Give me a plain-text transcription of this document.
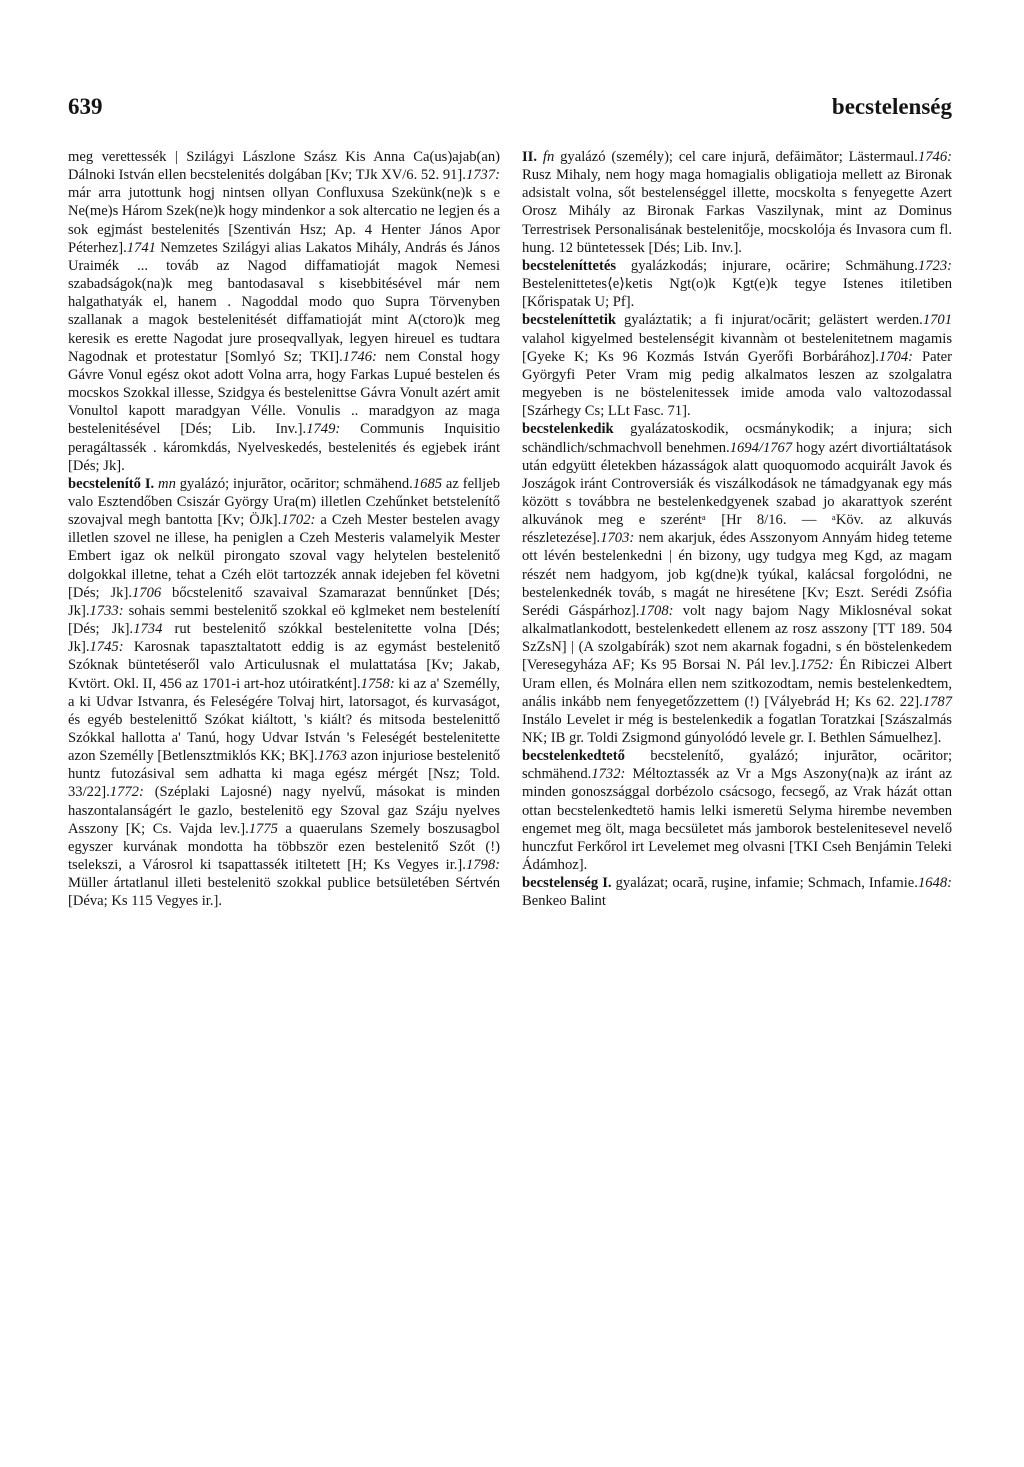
639	becstelenség

meg verettessék | Szilágyi Lászlone Szász Kis Anna Ca(us)ajab(an) Dálnoki István ellen becstelenités dolgában [Kv; TJk XV/6. 52. 91].1737: már arra jutottunk hogj nintsen ollyan Confluxusa Szekünk(ne)k s e Ne(me)s Három Szek(ne)k hogy mindenkor a sok altercatio ne legjen és a sok egjmást bestelenités [Szentiván Hsz; Ap. 4 Henter János Apor Péterhez].1741 Nemzetes Szilágyi alias Lakatos Mihály, András és János Uraimék ... továb az Nagod diffamatioját magok Nemesi szabadságok(na)k meg bantodasaval s kisebbitésével már nem halgathatyák el, hanem . Nagoddal modo quo Supra Törvenyben szallanak a magok bestelenitését diffamatioját mint A(ctoro)k meg keresik es erette Nagodat jure proseqvallyak, legyen hireuel es tudtara Nagodnak et protestatur [Somlyó Sz; TKI].1746: nem Constal hogy Gávre Vonul egész okot adott Volna arra, hogy Farkas Lupué bestelen és mocskos Szokkal illesse, Szidgya és bestelenittse Gávra Vonult azért amit Vonultol kapott maradgyan Vélle. Vonulis .. maradgyon az maga bestelenitésével [Dés; Lib. Inv.].1749: Communis Inquisitio peragáltassék . káromkdás, Nyelveskedés, bestelenités és egjebek iránt [Dés; Jk].

becstelenítő I. mn gyalázó; injurător, ocăritor; schmähend.1685 az felljeb valo Esztendőben Csiszár György Ura(m) illetlen Czehűnket betstelenítő szovajval megh bantotta [Kv; ÖJk].1702: a Czeh Mester bestelen avagy illetlen szovel ne illese, ha peniglen a Czeh Mesteris valamelyik Mester Embert igaz ok nelkül pirongato szoval vagy helytelen bestelenitő dolgokkal illetne, tehat a Czéh elöt tartozzék annak idejeben fel követni [Dés; Jk].1706 bőcstelenitő szavaival Szamarazat bennűnket [Dés; Jk].1733: sohais semmi bestelenitő szokkal eö kglmeket nem bestelenítí [Dés; Jk].1734 rut bestelenitő szókkal bestelenitette volna [Dés; Jk].1745: Karosnak tapasztaltatott eddig is az egymást bestelenitő Szóknak büntetéseről valo Articulusnak el mulattatása [Kv; Jakab, Kvtört. Okl. II, 456 az 1701-i art-hoz utóiratként].1758: ki az a' Személly, a ki Udvar Istvanra, és Feleségére Tolvaj hirt, latorsagot, és kurvaságot, és egyéb bestelenittő Szókat kiáltott, 's kiált? és mitsoda bestelenittő Szókkal hallotta a' Tanú, hogy Udvar István 's Feleségét bestelenitette azon Személly [Betlensztmiklós KK; BK].1763 azon injuriose bestelenitő huntz futozásival sem adhatta ki maga egész mérgét [Nsz; Told. 33/22].1772: (Széplaki Lajosné) nagy nyelvű, másokat is minden haszontalanságért le gazlo, bestelenitö egy Szoval gaz Száju nyelves Asszony [K; Cs. Vajda lev.].1775 a quaerulans Szemely boszusagbol egyszer kurvának mondotta ha többször ezen bestelenitő Szőt (!) tselekszi, a Városrol ki tsapattassék itiltetett [H; Ks Vegyes ir.].1798: Müller ártatlanul illeti bestelenitö szokkal publice betsületében Sértvén [Déva; Ks 115 Vegyes ir.].

II. fn gyalázó (személy); cel care injură, defăimător; Lästermaul.1746: Rusz Mihaly, nem hogy maga homagialis obligatioja mellett az Bironak adsistalt volna, sőt bestelenséggel illette, mocskolta s fenyegette Azert Orosz Mihály az Bironak Farkas Vaszilynak, mint az Dominus Terrestrisek Personalisának bestelenitője, mocskolója és Invasora cum fl. hung. 12 büntetessek [Dés; Lib. Inv.].

becsteleníttetés gyalázkodás; injurare, ocărire; Schmähung.1723: Bestelenittetes⟨e⟩ketis Ngt(o)k Kgt(e)k tegye Istenes itiletiben [Kőrispatak U; Pf].

becsteleníttetik gyaláztatik; a fi injurat/ocărit; gelästert werden.1701 valahol kigyelmed bestelenségit kivannàm ot bestelenitetnem magamis [Gyeke K; Ks 96 Kozmás István Gyerőfi Borbárához].1704: Pater Györgyfi Peter Vram mig pedig alkalmatos leszen az szolgalatra megyeben is ne böstelenitessek imide amoda valo valtozodassal [Szárhegy Cs; LLt Fasc. 71].

becstelenkedik gyalázatoskodik, ocsmánykodik; a injura; sich schändlich/schmachvoll benehmen.1694/1767 hogy azért divortiáltatások után edgyütt életekben házasságok alatt quoquomodo acquirált Javok és Joszágok iránt Controversiák és viszálkodások ne támadgyanak egy más között s továbbra ne bestelenkedgyenek szabad jo akarattyok szerént alkuvánok meg e szeréntᵃ [Hr 8/16. — ᵃKöv. az alkuvás részletezése].1703: nem akarjuk, édes Asszonyom Annyám hideg teteme ott lévén bestelenkedni | én bizony, ugy tudgya meg Kgd, az magam részét nem hadgyom, job kg(dne)k tyúkal, kalácsal forgolódni, ne bestelenkednék továb, s magát ne hiresétene [Kv; Eszt. Serédi Zsófia Serédi Gáspárhoz].1708: volt nagy bajom Nagy Miklosnéval sokat alkalmatlankodott, bestelenkedett ellenem az rosz asszony [TT 189. 504 SzZsN] | (A szolgabírák) szot nem akarnak fogadni, s én böstelenkedem [Veresegyháza AF; Ks 95 Borsai N. Pál lev.].1752: Én Ribiczei Albert Uram ellen, és Molnára ellen nem szitkozodtam, nemis bestelenkedtem, anális inkább nem fenyegetőzzettem (!) [Vályebrád H; Ks 62. 22].1787 Instálo Levelet ir még is bestelenkedik a fogatlan Toratzkai [Szászalmás NK; IB gr. Toldi Zsigmond gúnyolódó levele gr. I. Bethlen Sámuelhez].

becstelenkedtető becstelenítő, gyalázó; injurător, ocăritor; schmähend.1732: Méltoztassék az Vr a Mgs Aszony(na)k az iránt az minden gonoszsággal dorbézolo csácsogo, fecsegő, az Vrak házát ottan ottan becstelenkedtetö hamis lelki ismeretü Selyma hirembe nevemben engemet meg ölt, maga becsületet más jamborok bestelenitesevel nevelő hunczfut Ferkőrol irt Levelemet meg olvasni [TKI Cseh Benjámin Teleki Ádámhoz].

becstelenség I. gyalázat; ocară, ruşine, infamie; Schmach, Infamie.1648: Benkeo Balint
